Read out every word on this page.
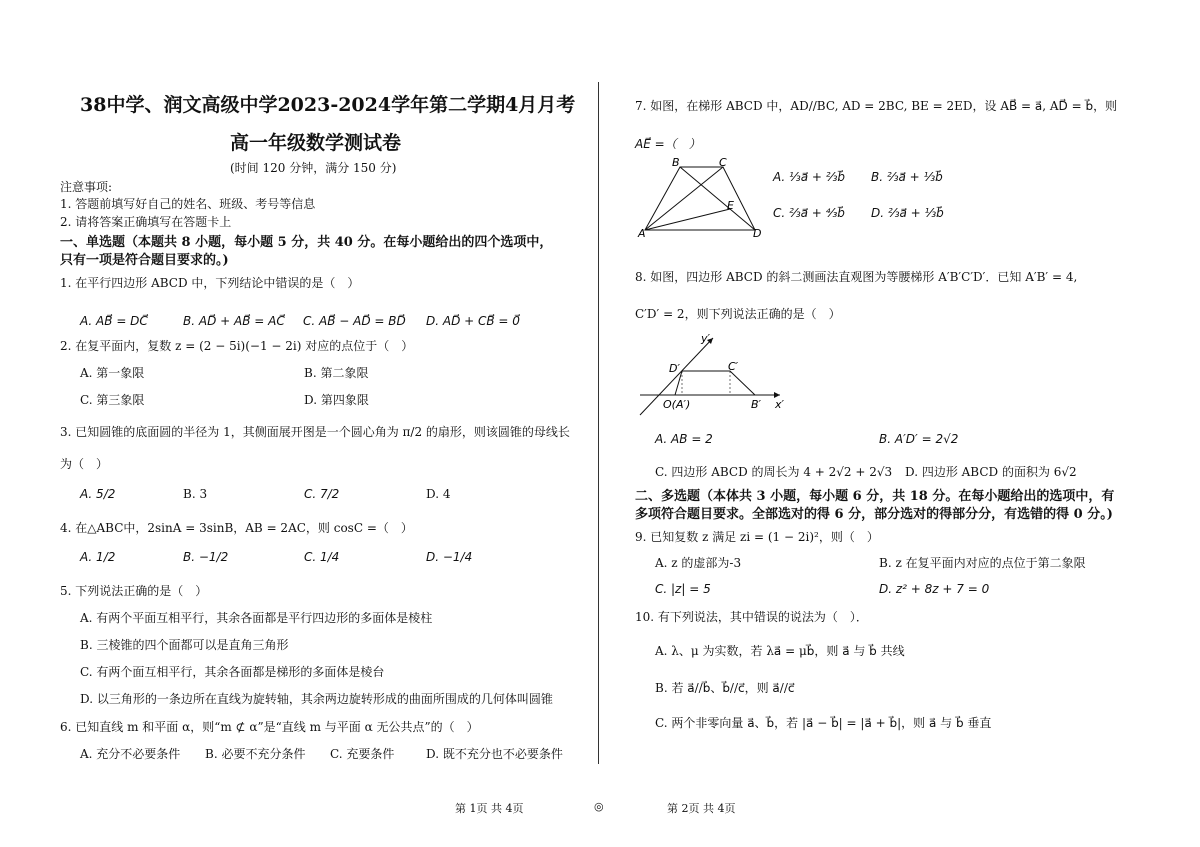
38中学、润文高级中学2023-2024学年第二学期4月月考
高一年级数学测试卷
(时间 120 分钟，满分 150 分)
注意事项:
1. 答题前填写好自己的姓名、班级、考号等信息
2. 请将答案正确填写在答题卡上
一、单选题（本题共 8 小题，每小题 5 分，共 40 分。在每小题给出的四个选项中，
只有一项是符合题目要求的。)
1. 在平行四边形 ABCD 中，下列结论中错误的是（　）
A. AB⃗ = DC⃗	B. AD⃗ + AB⃗ = AC⃗ C. AB⃗ − AD⃗ = BD⃗ D. AD⃗ + CB⃗ = 0⃗
2. 在复平面内，复数 z = (2 − 5i)(−1 − 2i) 对应的点位于（　）
A. 第一象限	B. 第二象限
C. 第三象限	D. 第四象限
3. 已知圆锥的底面圆的半径为 1，其侧面展开图是一个圆心角为 π/2 的扇形，则该圆锥的母线长
为（　）
A. 5/2	B. 3	C. 7/2	D. 4
4. 在△ABC中，2sinA = 3sinB，AB = 2AC，则 cosC =（　）
A. 1/2	B. −1/2	C. 1/4	D. −1/4
5. 下列说法正确的是（　）
A. 有两个平面互相平行，其余各面都是平行四边形的多面体是棱柱
B. 三棱锥的四个面都可以是直角三角形
C. 有两个面互相平行，其余各面都是梯形的多面体是棱台
D. 以三角形的一条边所在直线为旋转轴，其余两边旋转形成的曲面所围成的几何体叫圆锥
6. 已知直线 m 和平面 α，则“m ⊄ α”是“直线 m 与平面 α 无公共点”的（　）
A. 充分不必要条件 B. 必要不充分条件 C. 充要条件	D. 既不充分也不必要条件
7. 如图，在梯形 ABCD 中，AD//BC, AD = 2BC, BE = 2ED，设 AB⃗ = a⃗, AD⃗ = b⃗，则
AE⃗ =（　）
B	C
E
A	D
A. ⅓a⃗ + ⅔b⃗ B. ⅔a⃗ + ⅓b⃗
C. ⅔a⃗ + ⁴⁄₃b⃗ D. ⅔a⃗ + ⅓b⃗
8. 如图，四边形 ABCD 的斜二测画法直观图为等腰梯形 A′B′C′D′．已知 A′B′ = 4,
C′D′ = 2，则下列说法正确的是（　）
y′
D′	C′
O(A′)	B′ x′
A. AB = 2	B. A′D′ = 2√2
C. 四边形 ABCD 的周长为 4 + 2√2 + 2√3 D. 四边形 ABCD 的面积为 6√2
二、多选题（本体共 3 小题，每小题 6 分，共 18 分。在每小题给出的选项中，有
多项符合题目要求。全部选对的得 6 分，部分选对的得部分分，有选错的得 0 分。)
9. 已知复数 z 满足 zi = (1 − 2i)²，则（　）
A. z 的虚部为-3	B. z 在复平面内对应的点位于第二象限
C. |z| = 5	D. z² + 8z + 7 = 0
10. 有下列说法，其中错误的说法为（　）．
A. λ、μ 为实数，若 λa⃗ = μb⃗，则 a⃗ 与 b⃗ 共线
B. 若 a⃗//b⃗、b⃗//c⃗，则 a⃗//c⃗
C. 两个非零向量 a⃗、b⃗，若 |a⃗ − b⃗| = |a⃗ + b⃗|，则 a⃗ 与 b⃗ 垂直
第 1页 共 4页	◎	第 2页 共 4页
